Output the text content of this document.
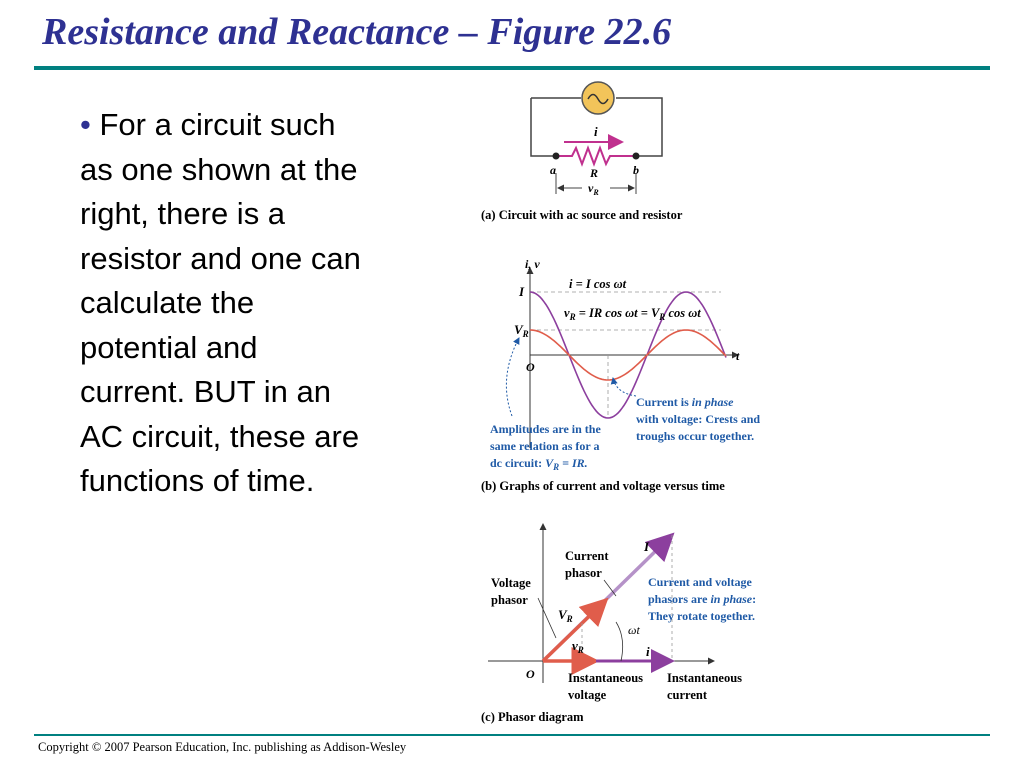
Resistance and Reactance – Figure 22.6
• For a circuit such as one shown at the right, there is a resistor and one can calculate the potential and current. BUT in an AC circuit, these are functions of time.
i
a	R	b
$v_R$
(a) Circuit with ac source and resistor
i, v
t
I
$V_R$
O
i = I cos ωt
$v_R$ = IR $\cos \omega t = V_R$ cos ωt
Current is in phase
with voltage: Crests and
troughs occur together.
Amplitudes are in the
same relation as for a
dc circuit: $V_R$ = IR.
(b) Graphs of current and voltage versus time
Current
phasor
Voltage
phasor
I
$V_R$
$v_R$	i
ωt
O
Current and voltage
phasors are in phase:
They rotate together.
Instantaneous
voltage
Instantaneous
current
(c) Phasor diagram
Copyright © 2007 Pearson Education, Inc. publishing as Addison-Wesley
